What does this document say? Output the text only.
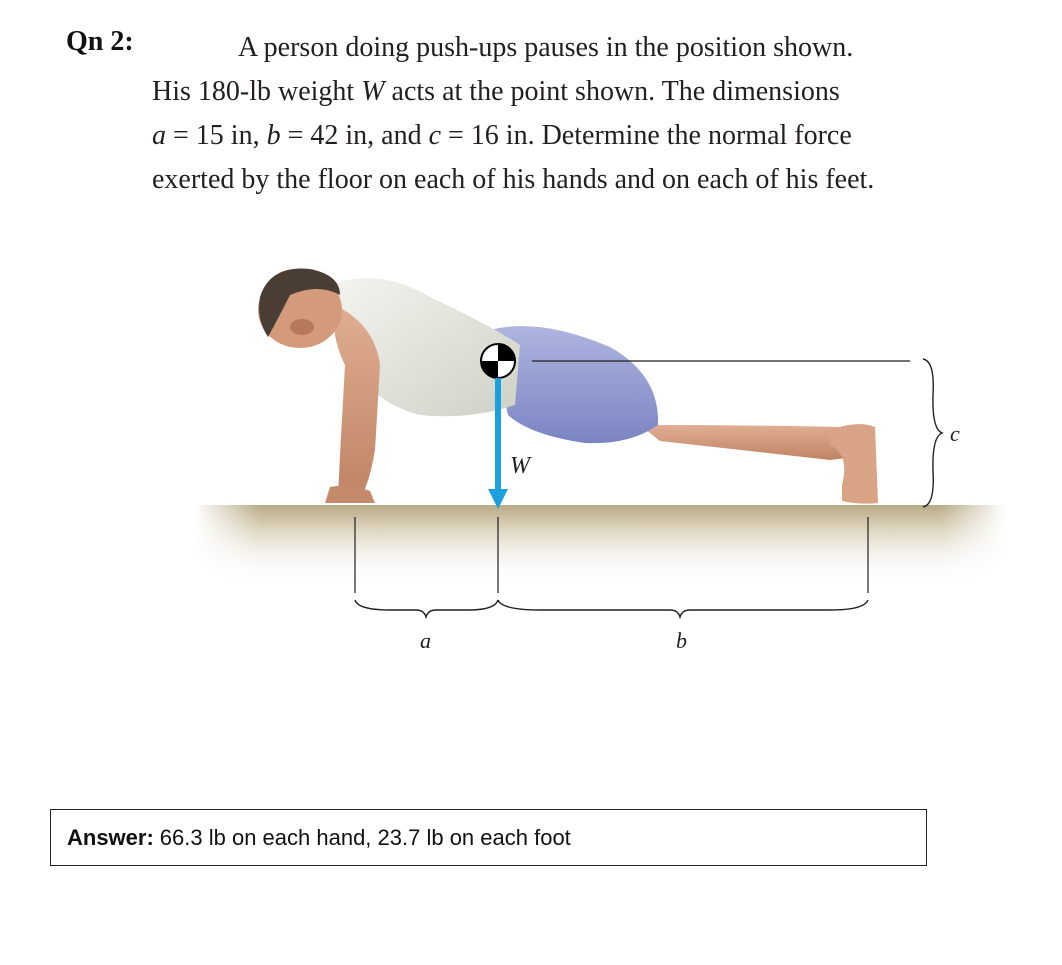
Qn 2:	A person doing push-ups pauses in the position shown.
His 180-lb weight W acts at the point shown. The dimensions
a = 15 in, b = 42 in, and c = 16 in. Determine the normal force
exerted by the floor on each of his hands and on each of his feet.
W
c
a	b
Answer: 66.3 lb on each hand, 23.7 lb on each foot
